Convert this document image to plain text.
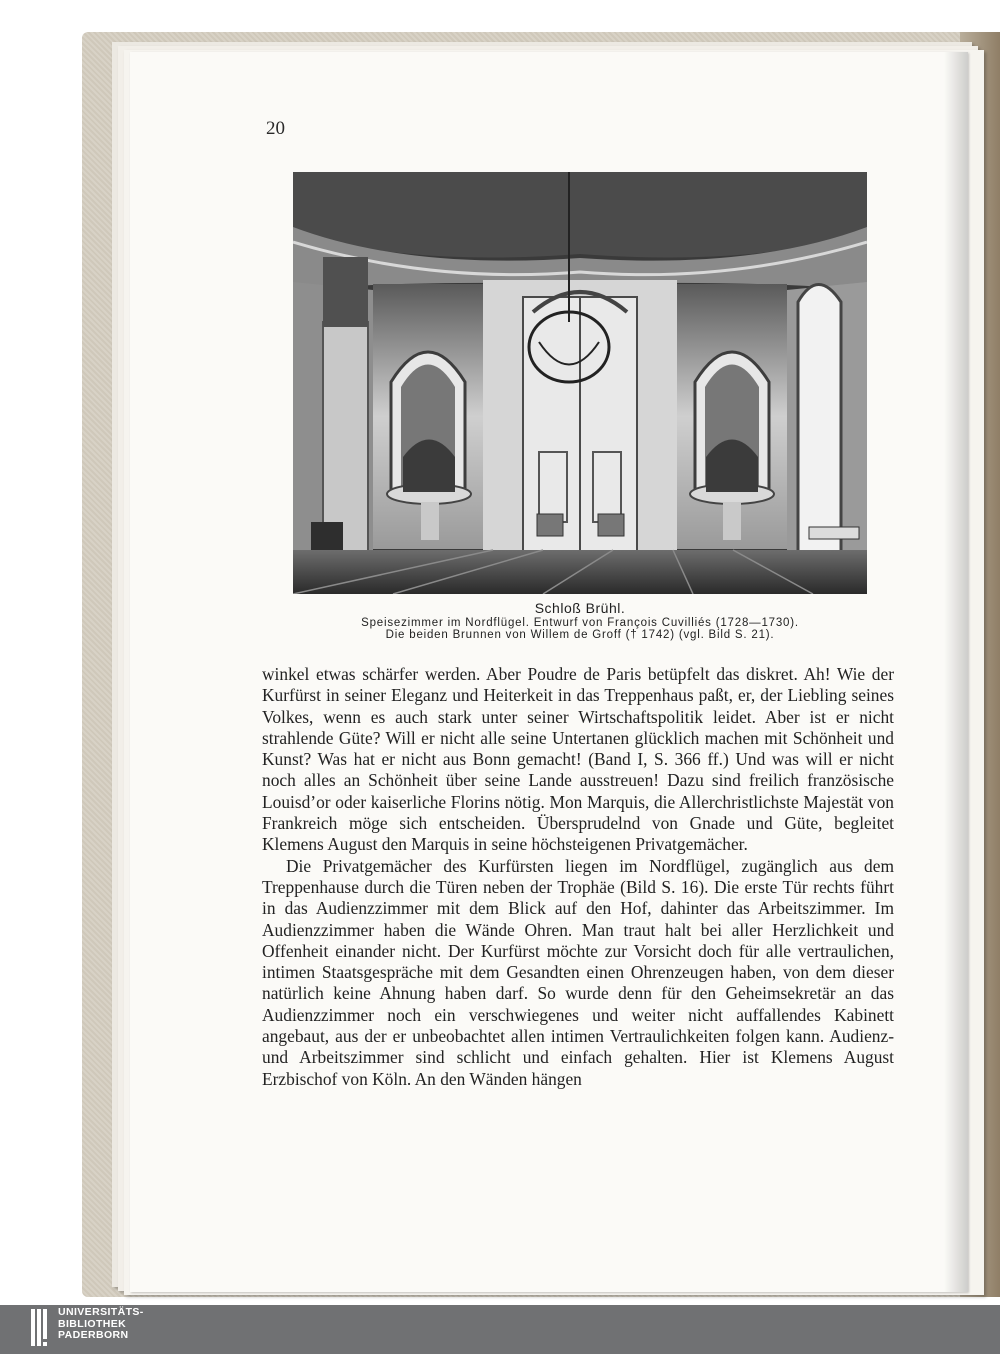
20
Schloß Brühl.
Speisezimmer im Nordflügel. Entwurf von François Cuvilliés (1728—1730).
Die beiden Brunnen von Willem de Groff († 1742) (vgl. Bild S. 21).

winkel etwas schärfer werden. Aber Poudre de Paris betüpfelt das diskret. Ah! Wie der Kurfürst in seiner Eleganz und Heiterkeit in das Treppenhaus paßt, er, der Liebling seines Volkes, wenn es auch stark unter seiner Wirtschaftspolitik leidet. Aber ist er nicht strahlende Güte? Will er nicht alle seine Untertanen glücklich machen mit Schönheit und Kunst? Was hat er nicht aus Bonn gemacht! (Band I, S. 366 ff.) Und was will er nicht noch alles an Schönheit über seine Lande ausstreuen! Dazu sind freilich französische Louisd’or oder kaiserliche Florins nötig. Mon Marquis, die Allerchristlichste Majestät von Frankreich möge sich entscheiden. Übersprudelnd von Gnade und Güte, begleitet Klemens August den Marquis in seine höchsteigenen Privatgemächer.

Die Privatgemächer des Kurfürsten liegen im Nordflügel, zugänglich aus dem Treppenhause durch die Türen neben der Trophäe (Bild S. 16). Die erste Tür rechts führt in das Audienzzimmer mit dem Blick auf den Hof, dahinter das Arbeitszimmer. Im Audienzzimmer haben die Wände Ohren. Man traut halt bei aller Herzlichkeit und Offenheit einander nicht. Der Kurfürst möchte zur Vorsicht doch für alle vertraulichen, intimen Staatsgespräche mit dem Gesandten einen Ohrenzeugen haben, von dem dieser natürlich keine Ahnung haben darf. So wurde denn für den Geheimsekretär an das Audienzzimmer noch ein verschwiegenes und weiter nicht auffallendes Kabinett angebaut, aus der er unbeobachtet allen intimen Vertraulichkeiten folgen kann. Audienz- und Arbeitszimmer sind schlicht und einfach gehalten. Hier ist Klemens August Erzbischof von Köln. An den Wänden hängen

UNIVERSITÄTS-
BIBLIOTHEK
PADERBORN
